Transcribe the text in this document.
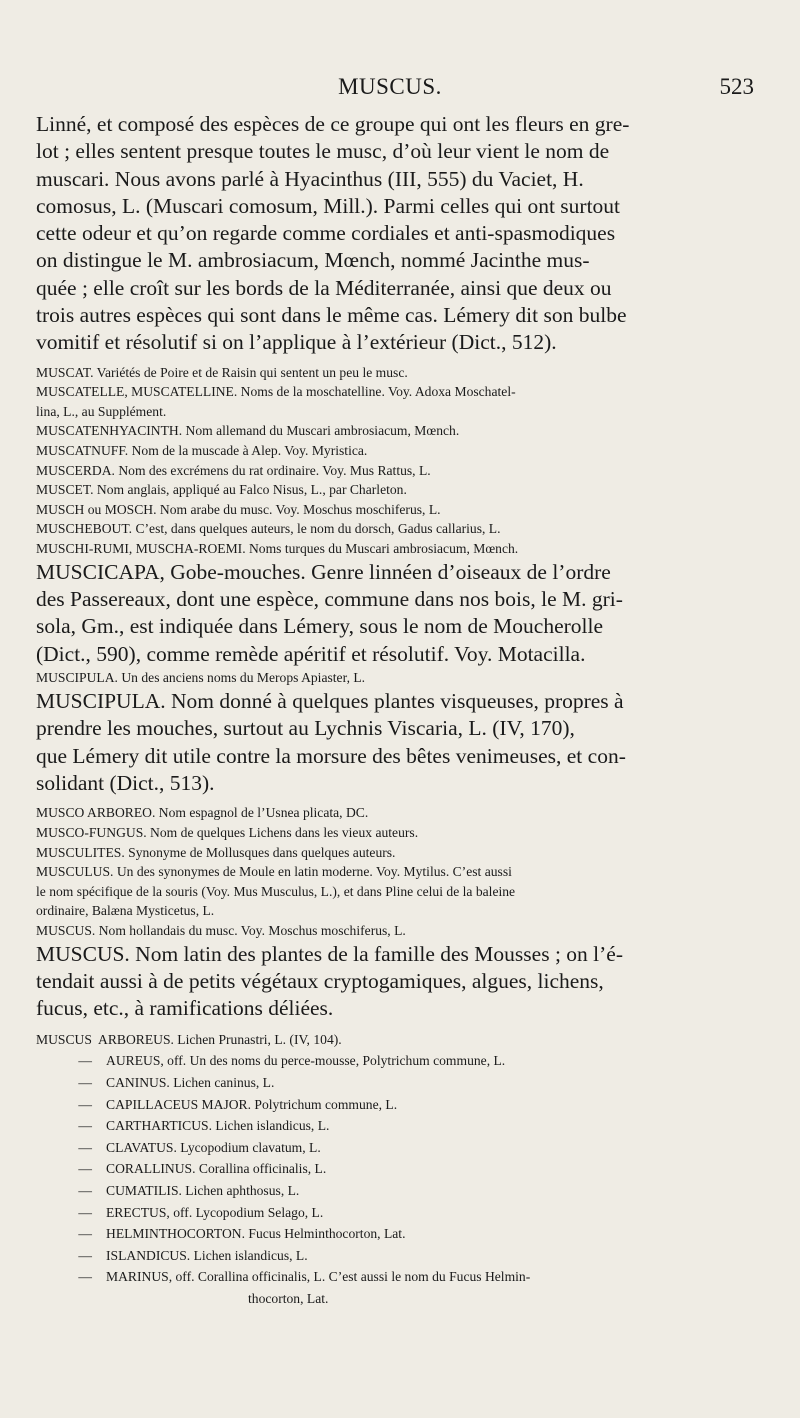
MUSCUS.	523

Linné, et composé des espèces de ce groupe qui ont les fleurs en gre-

lot ; elles sentent presque toutes le musc, d’où leur vient le nom de

muscari. Nous avons parlé à Hyacinthus (III, 555) du Vaciet, H.

comosus, L. (Muscari comosum, Mill.). Parmi celles qui ont surtout

cette odeur et qu’on regarde comme cordiales et anti-spasmodiques

on distingue le M. ambrosiacum, Mœnch, nommé Jacinthe mus-

quée ; elle croît sur les bords de la Méditerranée, ainsi que deux ou

trois autres espèces qui sont dans le même cas. Lémery dit son bulbe

vomitif et résolutif si on l’applique à l’extérieur (Dict., 512).

MUSCAT. Variétés de Poire et de Raisin qui sentent un peu le musc.

MUSCATELLE, MUSCATELLINE. Noms de la moschatelline. Voy. Adoxa Moschatel-

lina, L., au Supplément.

MUSCATENHYACINTH. Nom allemand du Muscari ambrosiacum, Mœnch.

MUSCATNUFF. Nom de la muscade à Alep. Voy. Myristica.

MUSCERDA. Nom des excrémens du rat ordinaire. Voy. Mus Rattus, L.

MUSCET. Nom anglais, appliqué au Falco Nisus, L., par Charleton.

MUSCH ou MOSCH. Nom arabe du musc. Voy. Moschus moschiferus, L.

MUSCHEBOUT. C’est, dans quelques auteurs, le nom du dorsch, Gadus callarius, L.

MUSCHI-RUMI, MUSCHA-ROEMI. Noms turques du Muscari ambrosiacum, Mœnch.

MUSCICAPA, Gobe-mouches. Genre linnéen d’oiseaux de l’ordre

des Passereaux, dont une espèce, commune dans nos bois, le M. gri-

sola, Gm., est indiquée dans Lémery, sous le nom de Moucherolle

(Dict., 590), comme remède apéritif et résolutif. Voy. Motacilla.

MUSCIPULA. Un des anciens noms du Merops Apiaster, L.

MUSCIPULA. Nom donné à quelques plantes visqueuses, propres à

prendre les mouches, surtout au Lychnis Viscaria, L. (IV, 170),

que Lémery dit utile contre la morsure des bêtes venimeuses, et con-

solidant (Dict., 513).

MUSCO ARBOREO. Nom espagnol de l’Usnea plicata, DC.

MUSCO-FUNGUS. Nom de quelques Lichens dans les vieux auteurs.

MUSCULITES. Synonyme de Mollusques dans quelques auteurs.

MUSCULUS. Un des synonymes de Moule en latin moderne. Voy. Mytilus. C’est aussi

le nom spécifique de la souris (Voy. Mus Musculus, L.), et dans Pline celui de la baleine

ordinaire, Balæna Mysticetus, L.

MUSCUS. Nom hollandais du musc. Voy. Moschus moschiferus, L.

MUSCUS. Nom latin des plantes de la famille des Mousses ; on l’é-

tendait aussi à de petits végétaux cryptogamiques, algues, lichens,

fucus, etc., à ramifications déliées.

MUSCUS ARBOREUS. Lichen Prunastri, L. (IV, 104).
— AUREUS, off. Un des noms du perce-mousse, Polytrichum commune, L.
— CANINUS. Lichen caninus, L.
— CAPILLACEUS MAJOR. Polytrichum commune, L.
— CARTHARTICUS. Lichen islandicus, L.
— CLAVATUS. Lycopodium clavatum, L.
— CORALLINUS. Corallina officinalis, L.
— CUMATILIS. Lichen aphthosus, L.
— ERECTUS, off. Lycopodium Selago, L.
— HELMINTHOCORTON. Fucus Helminthocorton, Lat.
— ISLANDICUS. Lichen islandicus, L.
— MARINUS, off. Corallina officinalis, L. C’est aussi le nom du Fucus Helmin-
thocorton, Lat.
